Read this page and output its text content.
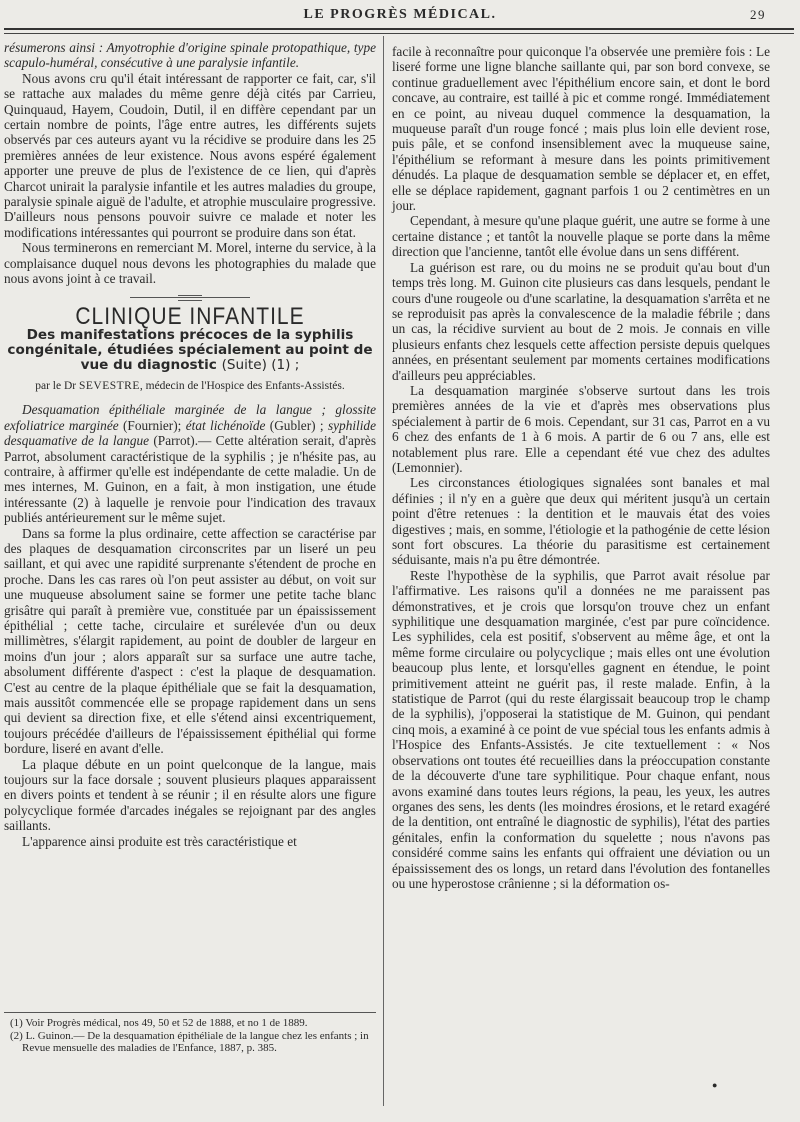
LE PROGRÈS MÉDICAL.	29

résumerons ainsi : Amyotrophie d'origine spinale protopathique, type scapulo-huméral, consécutive à une paralysie infantile.

Nous avons cru qu'il était intéressant de rapporter ce fait, car, s'il se rattache aux malades du même genre déjà cités par Carrieu, Quinquaud, Hayem, Coudoin, Dutil, il en diffère cependant par un certain nombre de points, l'âge entre autres, les différents sujets observés par ces auteurs ayant vu la récidive se produire dans les 25 premières années de leur existence. Nous avons espéré également apporter une preuve de plus de l'existence de ce lien, qui d'après Charcot unirait la paralysie infantile et les autres maladies du groupe, paralysie spinale aiguë de l'adulte, et atrophie musculaire progressive. D'ailleurs nous pensons pouvoir suivre ce malade et noter les modifications intéressantes qui pourront se produire dans son état.

Nous terminerons en remerciant M. Morel, interne du service, à la complaisance duquel nous devons les photographies du malade que nous avons joint à ce travail.

CLINIQUE INFANTILE
Des manifestations précoces de la syphilis congénitale, étudiées spécialement au point de vue du diagnostic (Suite) (1) ;
par le Dr SEVESTRE, médecin de l'Hospice des Enfants-Assistés.

Desquamation épithéliale marginée de la langue ; glossite exfoliatrice marginée (Fournier); état lichénoïde (Gubler) ; syphilide desquamative de la langue (Parrot).— Cette altération serait, d'après Parrot, absolument caractéristique de la syphilis ; je n'hésite pas, au contraire, à affirmer qu'elle est indépendante de cette maladie. Un de mes internes, M. Guinon, en a fait, à mon instigation, une étude intéressante (2) à laquelle je renvoie pour l'indication des travaux publiés antérieurement sur le même sujet.

Dans sa forme la plus ordinaire, cette affection se caractérise par des plaques de desquamation circonscrites par un liseré un peu saillant, et qui avec une rapidité surprenante s'étendent de proche en proche. Dans les cas rares où l'on peut assister au début, on voit sur une muqueuse absolument saine se former une petite tache blanc grisâtre qui paraît à première vue, constituée par un épaississement épithélial ; cette tache, circulaire et surélevée d'un ou deux millimètres, s'élargit rapidement, au point de doubler de largeur en moins d'un jour ; alors apparaît sur sa surface une autre tache, absolument différente d'aspect : c'est la plaque de desquamation. C'est au centre de la plaque épithéliale que se fait la desquamation, mais aussitôt commencée elle se propage rapidement dans un sens qui devient sa direction fixe, et elle s'étend ainsi excentriquement, toujours précédée d'ailleurs de l'épaississement épithélial qui forme bordure, liseré en avant d'elle.

La plaque débute en un point quelconque de la langue, mais toujours sur la face dorsale ; souvent plusieurs plaques apparaissent en divers points et tendent à se réunir ; il en résulte alors une figure polycyclique formée d'arcades inégales se rejoignant par des angles saillants.

L'apparence ainsi produite est très caractéristique et

(1) Voir Progrès médical, nos 49, 50 et 52 de 1888, et no 1 de 1889.

(2) L. Guinon.— De la desquamation épithéliale de la langue chez les enfants ; in Revue mensuelle des maladies de l'Enfance, 1887, p. 385.

facile à reconnaître pour quiconque l'a observée une première fois : Le liseré forme une ligne blanche saillante qui, par son bord convexe, se continue graduellement avec l'épithélium encore sain, et dont le bord concave, au contraire, est taillé à pic et comme rongé. Immédiatement en ce point, au niveau duquel commence la desquamation, la muqueuse paraît d'un rouge foncé ; mais plus loin elle devient rose, puis pâle, et se confond insensiblement avec la muqueuse saine, l'épithélium se reformant à mesure dans les points primitivement dénudés. La plaque de desquamation semble se déplacer et, en effet, elle se déplace rapidement, gagnant parfois 1 ou 2 centimètres en un jour.

Cependant, à mesure qu'une plaque guérit, une autre se forme à une certaine distance ; et tantôt la nouvelle plaque se porte dans la même direction que l'ancienne, tantôt elle évolue dans un sens différent.

La guérison est rare, ou du moins ne se produit qu'au bout d'un temps très long. M. Guinon cite plusieurs cas dans lesquels, pendant le cours d'une rougeole ou d'une scarlatine, la desquamation s'arrêta et ne se reproduisit pas après la convalescence de la maladie fébrile ; dans un cas, la récidive survient au bout de 2 mois. Je connais en ville plusieurs enfants chez lesquels cette affection persiste depuis quelques années, en présentant seulement par moments certaines modifications d'ailleurs peu appréciables.

La desquamation marginée s'observe surtout dans les trois premières années de la vie et d'après mes observations plus spécialement à partir de 6 mois. Cependant, sur 31 cas, Parrot en a vu 6 chez des enfants de 1 à 6 mois. A partir de 6 ou 7 ans, elle est notablement plus rare. Elle a cependant été vue chez des adultes (Lemonnier).

Les circonstances étiologiques signalées sont banales et mal définies ; il n'y en a guère que deux qui méritent jusqu'à un certain point d'être retenues : la dentition et le mauvais état des voies digestives ; mais, en somme, l'étiologie et la pathogénie de cette lésion sont fort obscures. La théorie du parasitisme est certainement séduisante, mais n'a pu être démontrée.

Reste l'hypothèse de la syphilis, que Parrot avait résolue par l'affirmative. Les raisons qu'il a données ne me paraissent pas démonstratives, et je crois que lorsqu'on trouve chez un enfant syphilitique une desquamation marginée, c'est par pure coïncidence. Les syphilides, cela est positif, s'observent au même âge, et ont la même forme circulaire ou polycyclique ; mais elles ont une évolution beaucoup plus lente, et lorsqu'elles gagnent en étendue, le point primitivement atteint ne guérit pas, il reste malade. Enfin, à la statistique de Parrot (qui du reste élargissait beaucoup trop le champ de la syphilis), j'opposerai la statistique de M. Guinon, qui pendant cinq mois, a examiné à ce point de vue spécial tous les enfants admis à l'Hospice des Enfants-Assistés. Je cite textuellement : « Nos observations ont toutes été recueillies dans la préoccupation constante de la découverte d'une tare syphilitique. Pour chaque enfant, nous avons examiné dans toutes leurs régions, la peau, les yeux, les autres organes des sens, les dents (les moindres érosions, et le retard exagéré de la dentition, ont entraîné le diagnostic de syphilis), l'état des parties génitales, enfin la conformation du squelette ; nous n'avons pas considéré comme sains les enfants qui offraient une déviation ou un épaississement des os longs, un retard dans l'évolution des fontanelles ou une hyperostose crânienne ; si la déformation os-

●
